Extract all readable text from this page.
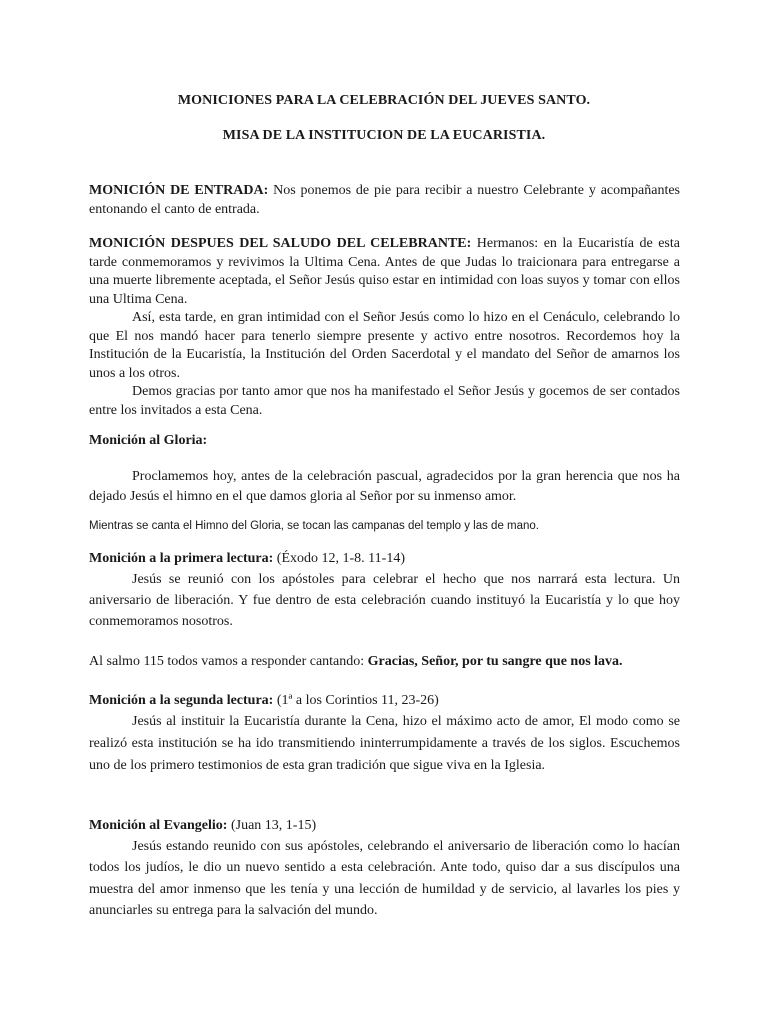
MONICIONES PARA LA CELEBRACIÓN DEL JUEVES SANTO.
MISA DE LA INSTITUCION DE LA EUCARISTIA.

MONICIÓN DE ENTRADA: Nos ponemos de pie para recibir a nuestro Celebrante y acompañantes entonando el canto de entrada.

MONICIÓN DESPUES DEL SALUDO DEL CELEBRANTE: Hermanos: en la Eucaristía de esta tarde conmemoramos y revivimos la Ultima Cena. Antes de que Judas lo traicionara para entregarse a una muerte libremente aceptada, el Señor Jesús quiso estar en intimidad con loas suyos y tomar con ellos una Ultima Cena.

Así, esta tarde, en gran intimidad con el Señor Jesús como lo hizo en el Cenáculo, celebrando lo que El nos mandó hacer para tenerlo siempre presente y activo entre nosotros. Recordemos hoy la Institución de la Eucaristía, la Institución del Orden Sacerdotal y el mandato del Señor de amarnos los unos a los otros.

Demos gracias por tanto amor que nos ha manifestado el Señor Jesús y gocemos de ser contados entre los invitados a esta Cena.

Monición al Gloria:
Proclamemos hoy, antes de la celebración pascual, agradecidos por la gran herencia que nos ha dejado Jesús el himno en el que damos gloria al Señor por su inmenso amor.
Mientras se canta el Himno del Gloria, se tocan las campanas del templo y las de mano.

Monición a la primera lectura: (Éxodo 12, 1-8. 11-14)

Jesús se reunió con los apóstoles para celebrar el hecho que nos narrará esta lectura. Un aniversario de liberación. Y fue dentro de esta celebración cuando instituyó la Eucaristía y lo que hoy conmemoramos nosotros.

Al salmo 115 todos vamos a responder cantando: Gracias, Señor, por tu sangre que nos lava.

Monición a la segunda lectura: (1ª a los Corintios 11, 23-26)

Jesús al instituir la Eucaristía durante la Cena, hizo el máximo acto de amor, El modo como se realizó esta institución se ha ido transmitiendo ininterrumpidamente a través de los siglos. Escuchemos uno de los primero testimonios de esta gran tradición que sigue viva en la Iglesia.

Monición al Evangelio: (Juan 13, 1-15)

Jesús estando reunido con sus apóstoles, celebrando el aniversario de liberación como lo hacían todos los judíos, le dio un nuevo sentido a esta celebración. Ante todo, quiso dar a sus discípulos una muestra del amor inmenso que les tenía y una lección de humildad y de servicio, al lavarles los pies y anunciarles su entrega para la salvación del mundo.
